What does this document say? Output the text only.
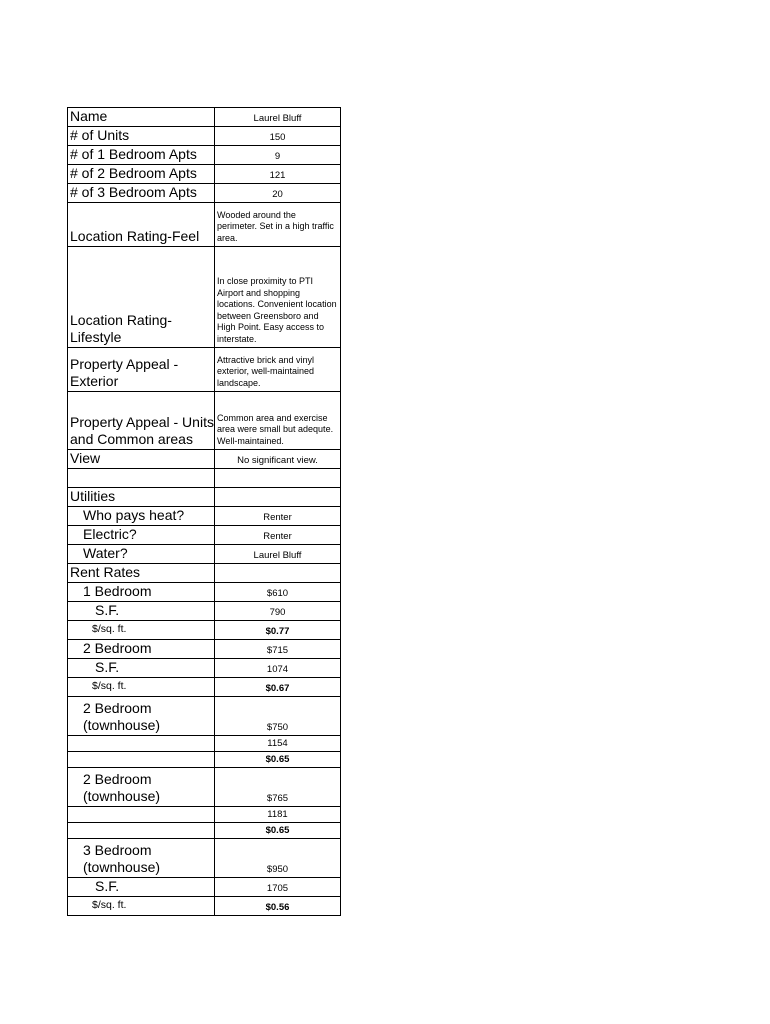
Name	Laurel Bluff
# of Units	150
# of 1 Bedroom Apts	9
# of 2 Bedroom Apts	121
# of 3 Bedroom Apts	20
Location Rating-Feel	Wooded around the perimeter. Set in a high traffic area.
Location Rating-Lifestyle	In close proximity to PTI Airport and shopping locations. Convenient location between Greensboro and High Point. Easy access to interstate.
Property Appeal - Exterior	Attractive brick and vinyl exterior, well-maintained landscape.
Property Appeal - Units and Common areas	Common area and exercise area were small but adequte. Well-maintained.
View	No significant view.

Utilities	
Who pays heat?	Renter
Electric?	Renter
Water?	Laurel Bluff
Rent Rates	
1 Bedroom	$610
S.F.	790
$/sq. ft.	$0.77
2 Bedroom	$715
S.F.	1074
$/sq. ft.	$0.67
2 Bedroom (townhouse)	$750
	1154
	$0.65
2 Bedroom (townhouse)	$765
	1181
	$0.65
3 Bedroom (townhouse)	$950
S.F.	1705
$/sq. ft.	$0.56
